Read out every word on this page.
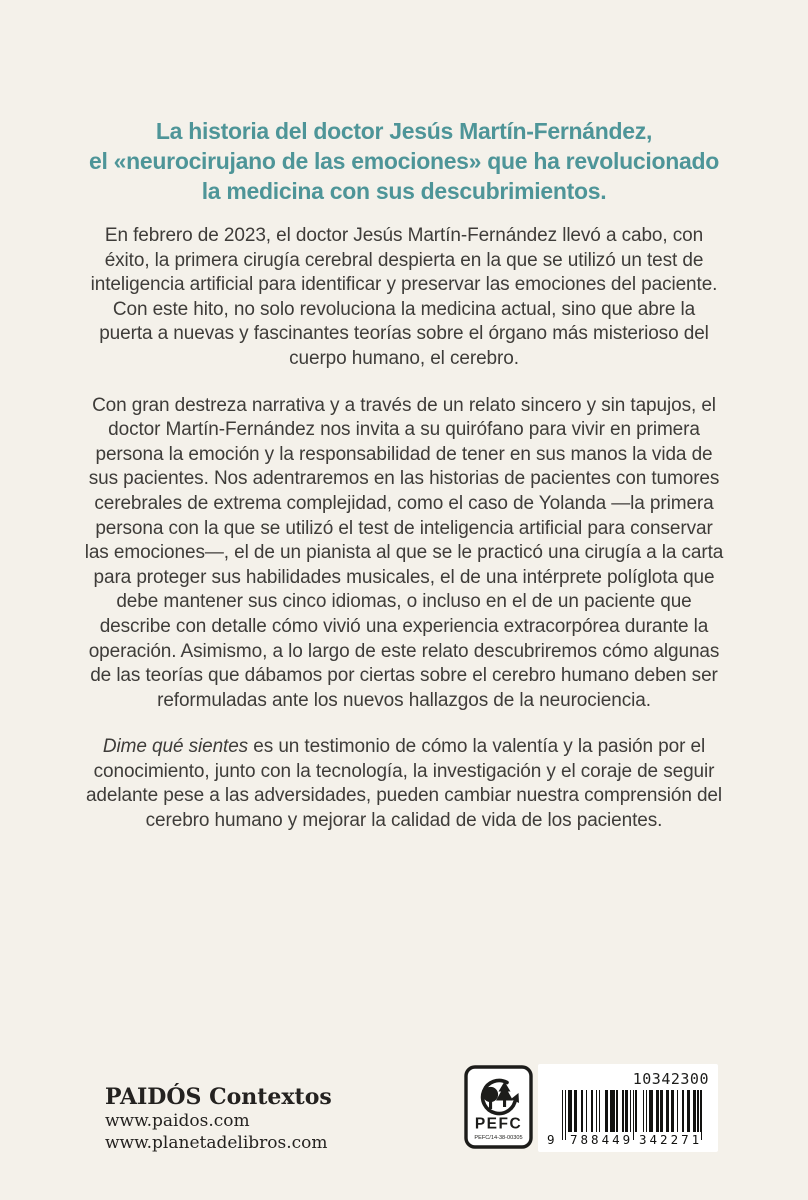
La historia del doctor Jesús Martín-Fernández,
el «neurocirujano de las emociones» que ha revolucionado
la medicina con sus descubrimientos.

En febrero de 2023, el doctor Jesús Martín-Fernández llevó a cabo, con éxito, la primera cirugía cerebral despierta en la que se utilizó un test de inteligencia artificial para identificar y preservar las emociones del paciente. Con este hito, no solo revoluciona la medicina actual, sino que abre la puerta a nuevas y fascinantes teorías sobre el órgano más misterioso del cuerpo humano, el cerebro.

Con gran destreza narrativa y a través de un relato sincero y sin tapujos, el doctor Martín-Fernández nos invita a su quirófano para vivir en primera persona la emoción y la responsabilidad de tener en sus manos la vida de sus pacientes. Nos adentraremos en las historias de pacientes con tumores cerebrales de extrema complejidad, como el caso de Yolanda —la primera persona con la que se utilizó el test de inteligencia artificial para conservar las emociones—, el de un pianista al que se le practicó una cirugía a la carta para proteger sus habilidades musicales, el de una intérprete políglota que debe mantener sus cinco idiomas, o incluso en el de un paciente que describe con detalle cómo vivió una experiencia extracorpórea durante la operación. Asimismo, a lo largo de este relato descubriremos cómo algunas de las teorías que dábamos por ciertas sobre el cerebro humano deben ser reformuladas ante los nuevos hallazgos de la neurociencia.

Dime qué sientes es un testimonio de cómo la valentía y la pasión por el conocimiento, junto con la tecnología, la investigación y el coraje de seguir adelante pese a las adversidades, pueden cambiar nuestra comprensión del cerebro humano y mejorar la calidad de vida de los pacientes.

PAIDÓS Contextos

www.paidos.com

www.planetadelibros.com

PEFC
PEFC/14-38-00305
10342300
9 788449 342271
